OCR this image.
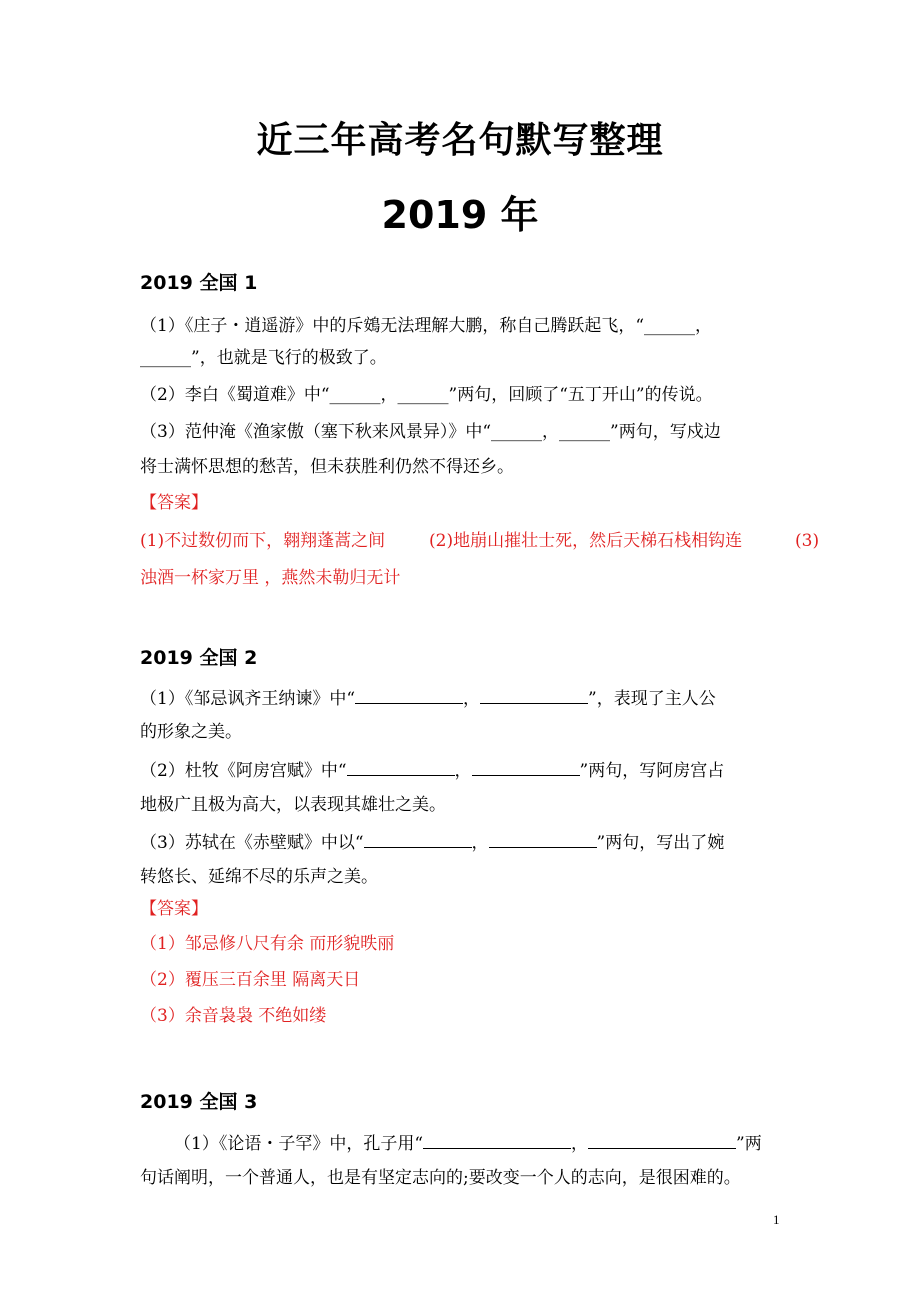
近三年高考名句默写整理
2019 年
2019 全国 1
（1）《庄子・逍遥游》中的斥鴳无法理解大鹏，称自己腾跃起飞，“______，
______”，也就是飞行的极致了。
（2）李白《蜀道难》中“______，______”两句，回顾了“五丁开山”的传说。
（3）范仲淹《渔家傲（塞下秋来风景异）》中“______，______”两句，写戍边
将士满怀思想的愁苦，但未获胜利仍然不得还乡。
【答案】
(1)不过数仞而下，翱翔蓬蒿之间	(2)地崩山摧壮士死，然后天梯石栈相钩连	(3)
浊酒一杯家万里 ，燕然未勒归无计
2019 全国 2
（1）《邹忌讽齐王纳谏》中“	，	”，表现了主人公
的形象之美。
（2）杜牧《阿房宫赋》中“	，	”两句，写阿房宫占
地极广且极为高大，以表现其雄壮之美。
（3）苏轼在《赤壁赋》中以“	，	”两句，写出了婉
转悠长、延绵不尽的乐声之美。
【答案】
（1）邹忌修八尺有余 而形貌昳丽
（2）覆压三百余里 隔离天日
（3）余音袅袅 不绝如缕
2019 全国 3
（1）《论语・子罕》中，孔子用“	，	”两
句话阐明，一个普通人，也是有坚定志向的;要改变一个人的志向，是很困难的。
1
